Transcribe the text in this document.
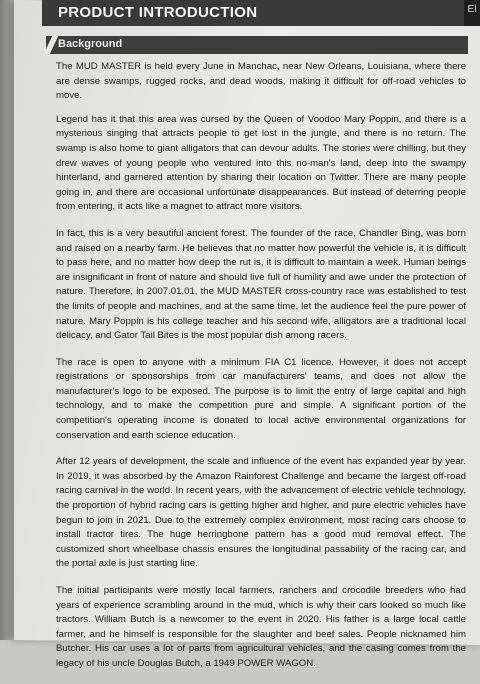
PRODUCT INTRODUCTION	El
Background

The MUD MASTER is held every June in Manchac, near New Orleans, Louisiana, where there are dense swamps, rugged rocks, and dead woods, making it difficult for off-road vehicles to move.

Legend has it that this area was cursed by the Queen of Voodoo Mary Poppin, and there is a mysterious singing that attracts people to get lost in the jungle, and there is no return. The swamp is also home to giant alligators that can devour adults. The stories were chilling, but they drew waves of young people who ventured into this no-man's land, deep into the swampy hinterland, and garnered attention by sharing their location on Twitter. There are many people going in, and there are occasional unfortunate disappearances. But instead of deterring people from entering, it acts like a magnet to attract more visitors.

In fact, this is a very beautiful ancient forest. The founder of the race, Chandler Bing, was born and raised on a nearby farm. He believes that no matter how powerful the vehicle is, it is difficult to pass here, and no matter how deep the rut is, it is difficult to maintain a week. Human beings are insignificant in front of nature and should live full of humility and awe under the protection of nature. Therefore, in 2007.01.01, the MUD MASTER cross-country race was established to test the limits of people and machines, and at the same time, let the audience feel the pure power of nature. Mary Poppin is his college teacher and his second wife, alligators are a traditional local delicacy, and Gator Tail Bites is the most popular dish among racers.

The race is open to anyone with a minimum FIA C1 licence. However, it does not accept registrations or sponsorships from car manufacturers' teams, and does not allow the manufacturer's logo to be exposed. The purpose is to limit the entry of large capital and high technology, and to make the competition pure and simple. A significant portion of the competition's operating income is donated to local active environmental organizations for conservation and earth science education.

After 12 years of development, the scale and influence of the event has expanded year by year. In 2019, it was absorbed by the Amazon Rainforest Challenge and became the largest off-road racing carnival in the world. In recent years, with the advancement of electric vehicle technology, the proportion of hybrid racing cars is getting higher and higher, and pure electric vehicles have begun to join in 2021. Due to the extremely complex environment, most racing cars choose to install tractor tires. The huge herringbone pattern has a good mud removal effect. The customized short wheelbase chassis ensures the longitudinal passability of the racing car, and the portal axle is just starting line.

The initial participants were mostly local farmers, ranchers and crocodile breeders who had years of experience scrambling around in the mud, which is why their cars looked so much like tractors. William Butch is a newcomer to the event in 2020. His father is a large local cattle farmer, and he himself is responsible for the slaughter and beef sales. People nicknamed him Butcher. His car uses a lot of parts from agricultural vehicles, and the casing comes from the legacy of his uncle Douglas Butch, a 1949 POWER WAGON.
